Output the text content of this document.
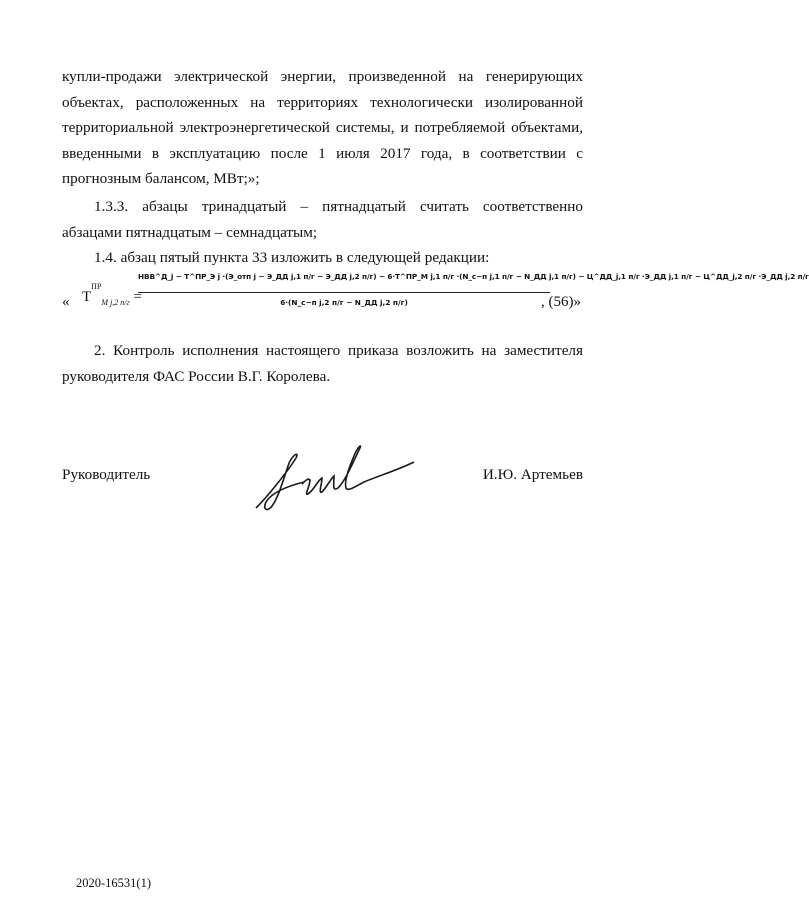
купли-продажи электрической энергии, произведенной на генерирующих
объектах, расположенных на территориях технологически изолированной
территориальной электроэнергетической системы, и потребляемой объектами,
введенными в эксплуатацию после 1 июля 2017 года, в соответствии с
прогнозным балансом, МВт;»;
1.3.3. абзацы тринадцатый – пятнадцатый считать соответственно
абзацами пятнадцатым – семнадцатым;
1.4. абзац пятый пункта 33 изложить в следующей редакции:
« $T^{ПР}_{М j,2 п/г}$ =
НВВ^Д_j − T^ПР_Э j ·(Э_отп j − Э_ДД j,1 п/г − Э_ДД j,2 п/г) − 6·T^ПР_М j,1 п/г ·(N_с−п j,1 п/г − N_ДД j,1 п/г) − Ц^ДД_j,1 п/г ·Э_ДД j,1 п/г − Ц^ДД_j,2 п/г ·Э_ДД j,2 п/г
6·(N_с−п j,2 п/г − N_ДД j,2 п/г)	, (56)»
2. Контроль исполнения настоящего приказа возложить на заместителя
руководителя ФАС России В.Г. Королева.
Руководитель	И.Ю. Артемьев
2020-16531(1)
